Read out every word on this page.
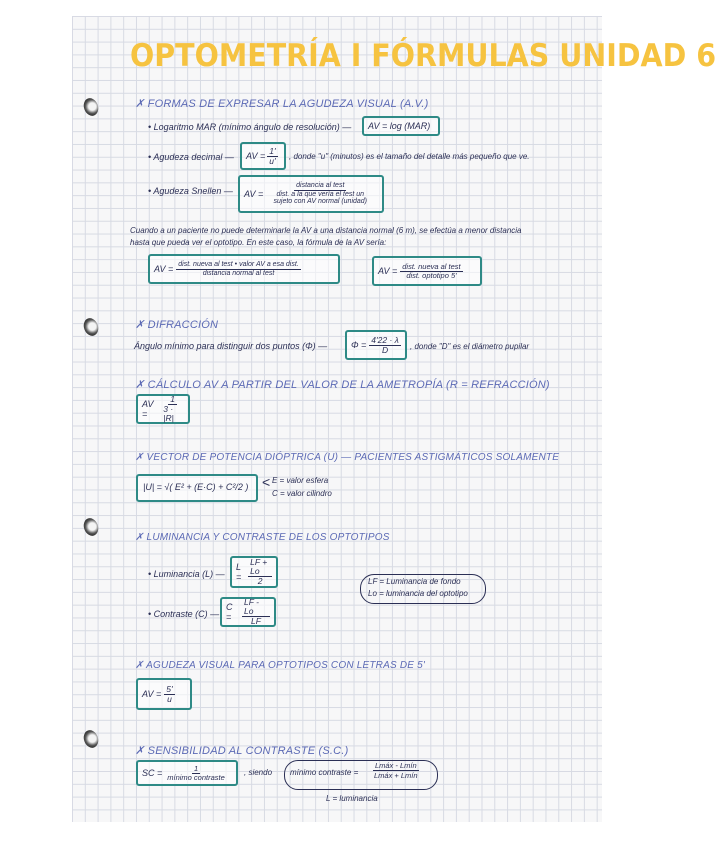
OPTOMETRÍA I FÓRMULAS UNIDAD 6
✗ FORMAS DE EXPRESAR LA AGUDEZA VISUAL (A.V.)
• Logaritmo MAR (mínimo ángulo de resolución) —	AV = log (MAR)
• Agudeza decimal — AV = $\frac{1'}{u'}$ , donde "u" (minutos) es el tamaño del detalle más pequeño que ve.
• Agudeza Snellen — AV =
distancia al test
dist. a la que vería el test un sujeto con AV normal (unidad)
Cuando a un paciente no puede determinarle la AV a una distancia normal (6 m), se efectúa a menor distancia
hasta que pueda ver el optotipo. En este caso, la fórmula de la AV sería:
AV = $\frac{\text{dist. nueva al test • valor AV a esa dist.}}{\text{distancia normal al test}}$	AV = $\frac{\text{dist. nueva al test}}{\text{dist. optotipo 5'}}$
✗ DIFRACCIÓN
Ángulo mínimo para distinguir dos puntos (Φ) —	$\Phi = \frac{4'22 \cdot \lambda}{D}$ , donde "D" es el diámetro pupilar
✗ CÁLCULO AV A PARTIR DEL VALOR DE LA AMETROPÍA (R = REFRACCIÓN)
AV =	$\frac{1}{3 \cdot |R|}$
✗ VECTOR DE POTENCIA DIÓPTRICA (U) — PACIENTES ASTIGMÁTICOS SOLAMENTE
|U| = √( E² + (E·C) + C²/2 ) < E = valor esfera
C = valor cilindro
✗ LUMINANCIA Y CONTRASTE DE LOS OPTOTIPOS
• Luminancia (L) —
$L = \frac{LF + Lo}{2}$
• Contraste (C) —
C =	$\frac{LF - Lo}{LF}$
LF = Luminancia de fondo
Lo = luminancia del optotipo
✗ AGUDEZA VISUAL PARA OPTOTIPOS CON LETRAS DE 5'
AV = $\frac{5'}{u}$
✗ SENSIBILIDAD AL CONTRASTE (S.C.)
SC = $\frac{1}{\text{mínimo contraste}}$ , siendo mínimo contraste =
Lmáx - Lmín
Lmáx + Lmín
L = luminancia
